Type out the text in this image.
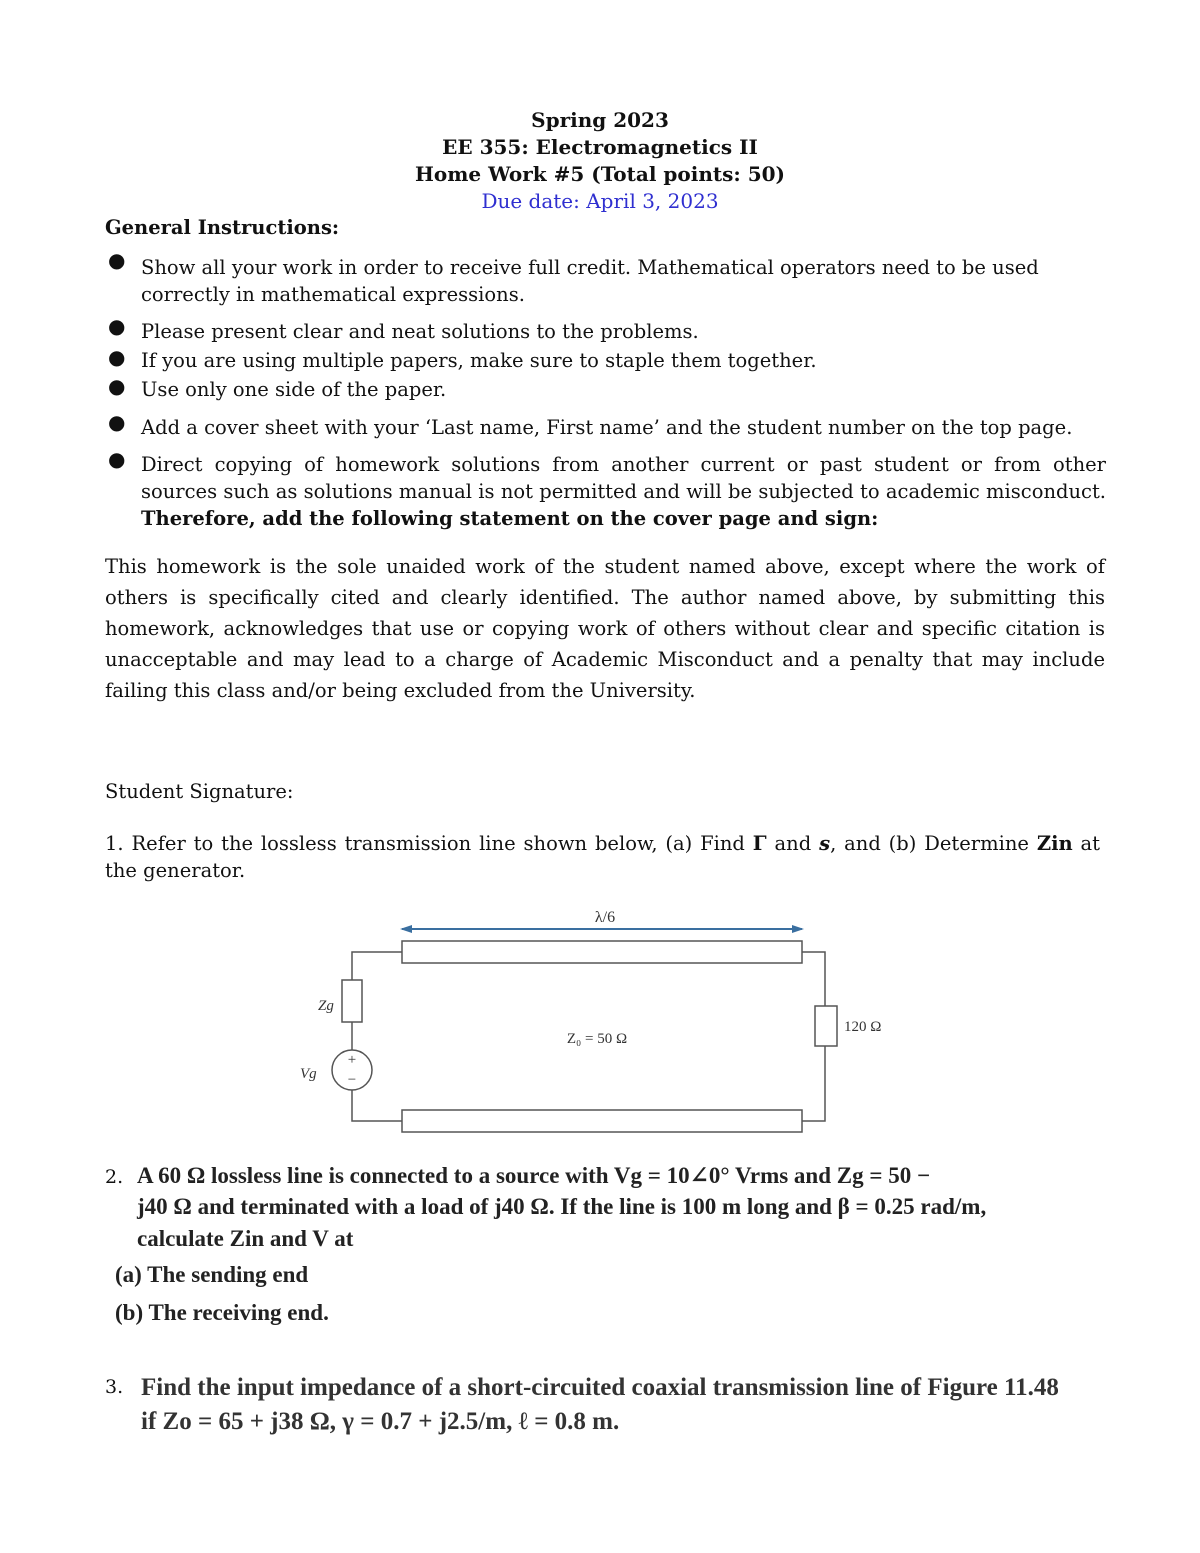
Spring 2023
EE 355: Electromagnetics II
Home Work #5 (Total points: 50)
Due date: April 3, 2023
General Instructions:
● Show all your work in order to receive full credit. Mathematical operators need to be used correctly in mathematical expressions.
● Please present clear and neat solutions to the problems.
● If you are using multiple papers, make sure to staple them together.
● Use only one side of the paper.
● Add a cover sheet with your ‘Last name, First name’ and the student number on the top page.
● Direct copying of homework solutions from another current or past student or from other sources such as solutions manual is not permitted and will be subjected to academic misconduct. Therefore, add the following statement on the cover page and sign:
This homework is the sole unaided work of the student named above, except where the work of others is specifically cited and clearly identified. The author named above, by submitting this homework, acknowledges that use or copying work of others without clear and specific citation is unacceptable and may lead to a charge of Academic Misconduct and a penalty that may include failing this class and/or being excluded from the University.
Student Signature:
1. Refer to the lossless transmission line shown below, (a) Find Γ and s, and (b) Determine Zin at the generator.
λ/6
+
−
Zg
Vg
120 Ω
Z₀ = 50 Ω
2. A 60 Ω lossless line is connected to a source with Vg = 10∠0° Vrms and Zg = 50 −
j40 Ω and terminated with a load of j40 Ω. If the line is 100 m long and β = 0.25 rad/m,
calculate Zin and V at
(a) The sending end
(b) The receiving end.
3. Find the input impedance of a short-circuited coaxial transmission line of Figure 11.48
if Zo = 65 + j38 Ω, γ = 0.7 + j2.5/m, ℓ = 0.8 m.
